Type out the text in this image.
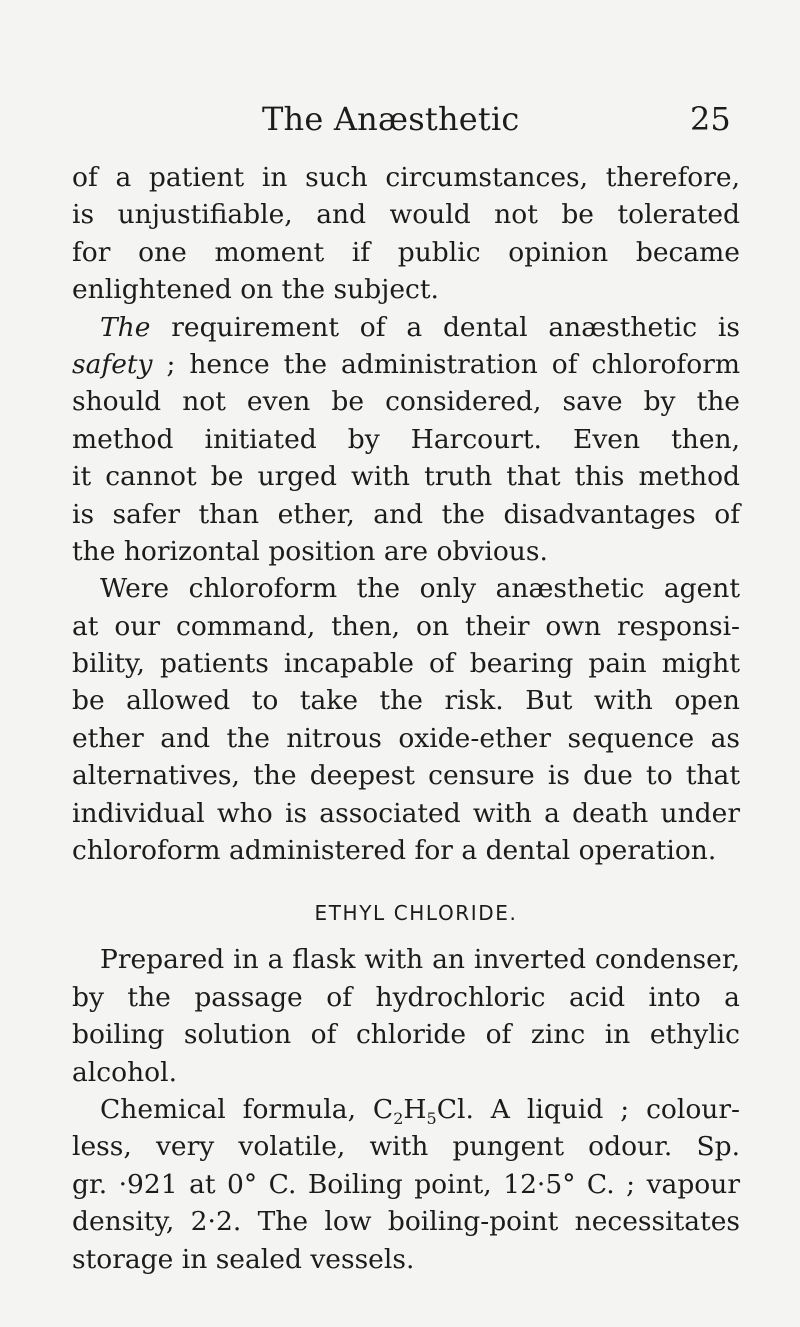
The Anæsthetic	25
of a patient in such circumstances, therefore,
is unjustifiable, and would not be tolerated
for one moment if public opinion became
enlightened on the subject.
The requirement of a dental anæsthetic is
safety ; hence the administration of chloroform
should not even be considered, save by the
method initiated by Harcourt. Even then,
it cannot be urged with truth that this method
is safer than ether, and the disadvantages of
the horizontal position are obvious.
Were chloroform the only anæsthetic agent
at our command, then, on their own responsi-
bility, patients incapable of bearing pain might
be allowed to take the risk. But with open
ether and the nitrous oxide-ether sequence as
alternatives, the deepest censure is due to that
individual who is associated with a death under
chloroform administered for a dental operation.
ETHYL CHLORIDE.
Prepared in a flask with an inverted condenser,
by the passage of hydrochloric acid into a
boiling solution of chloride of zinc in ethylic
alcohol.
Chemical formula, $C_2H_5Cl$. A liquid ; colour-
less, very volatile, with pungent odour. Sp.
gr. ·921 at 0° C. Boiling point, 12·5° C. ; vapour
density, 2·2. The low boiling-point necessitates
storage in sealed vessels.
